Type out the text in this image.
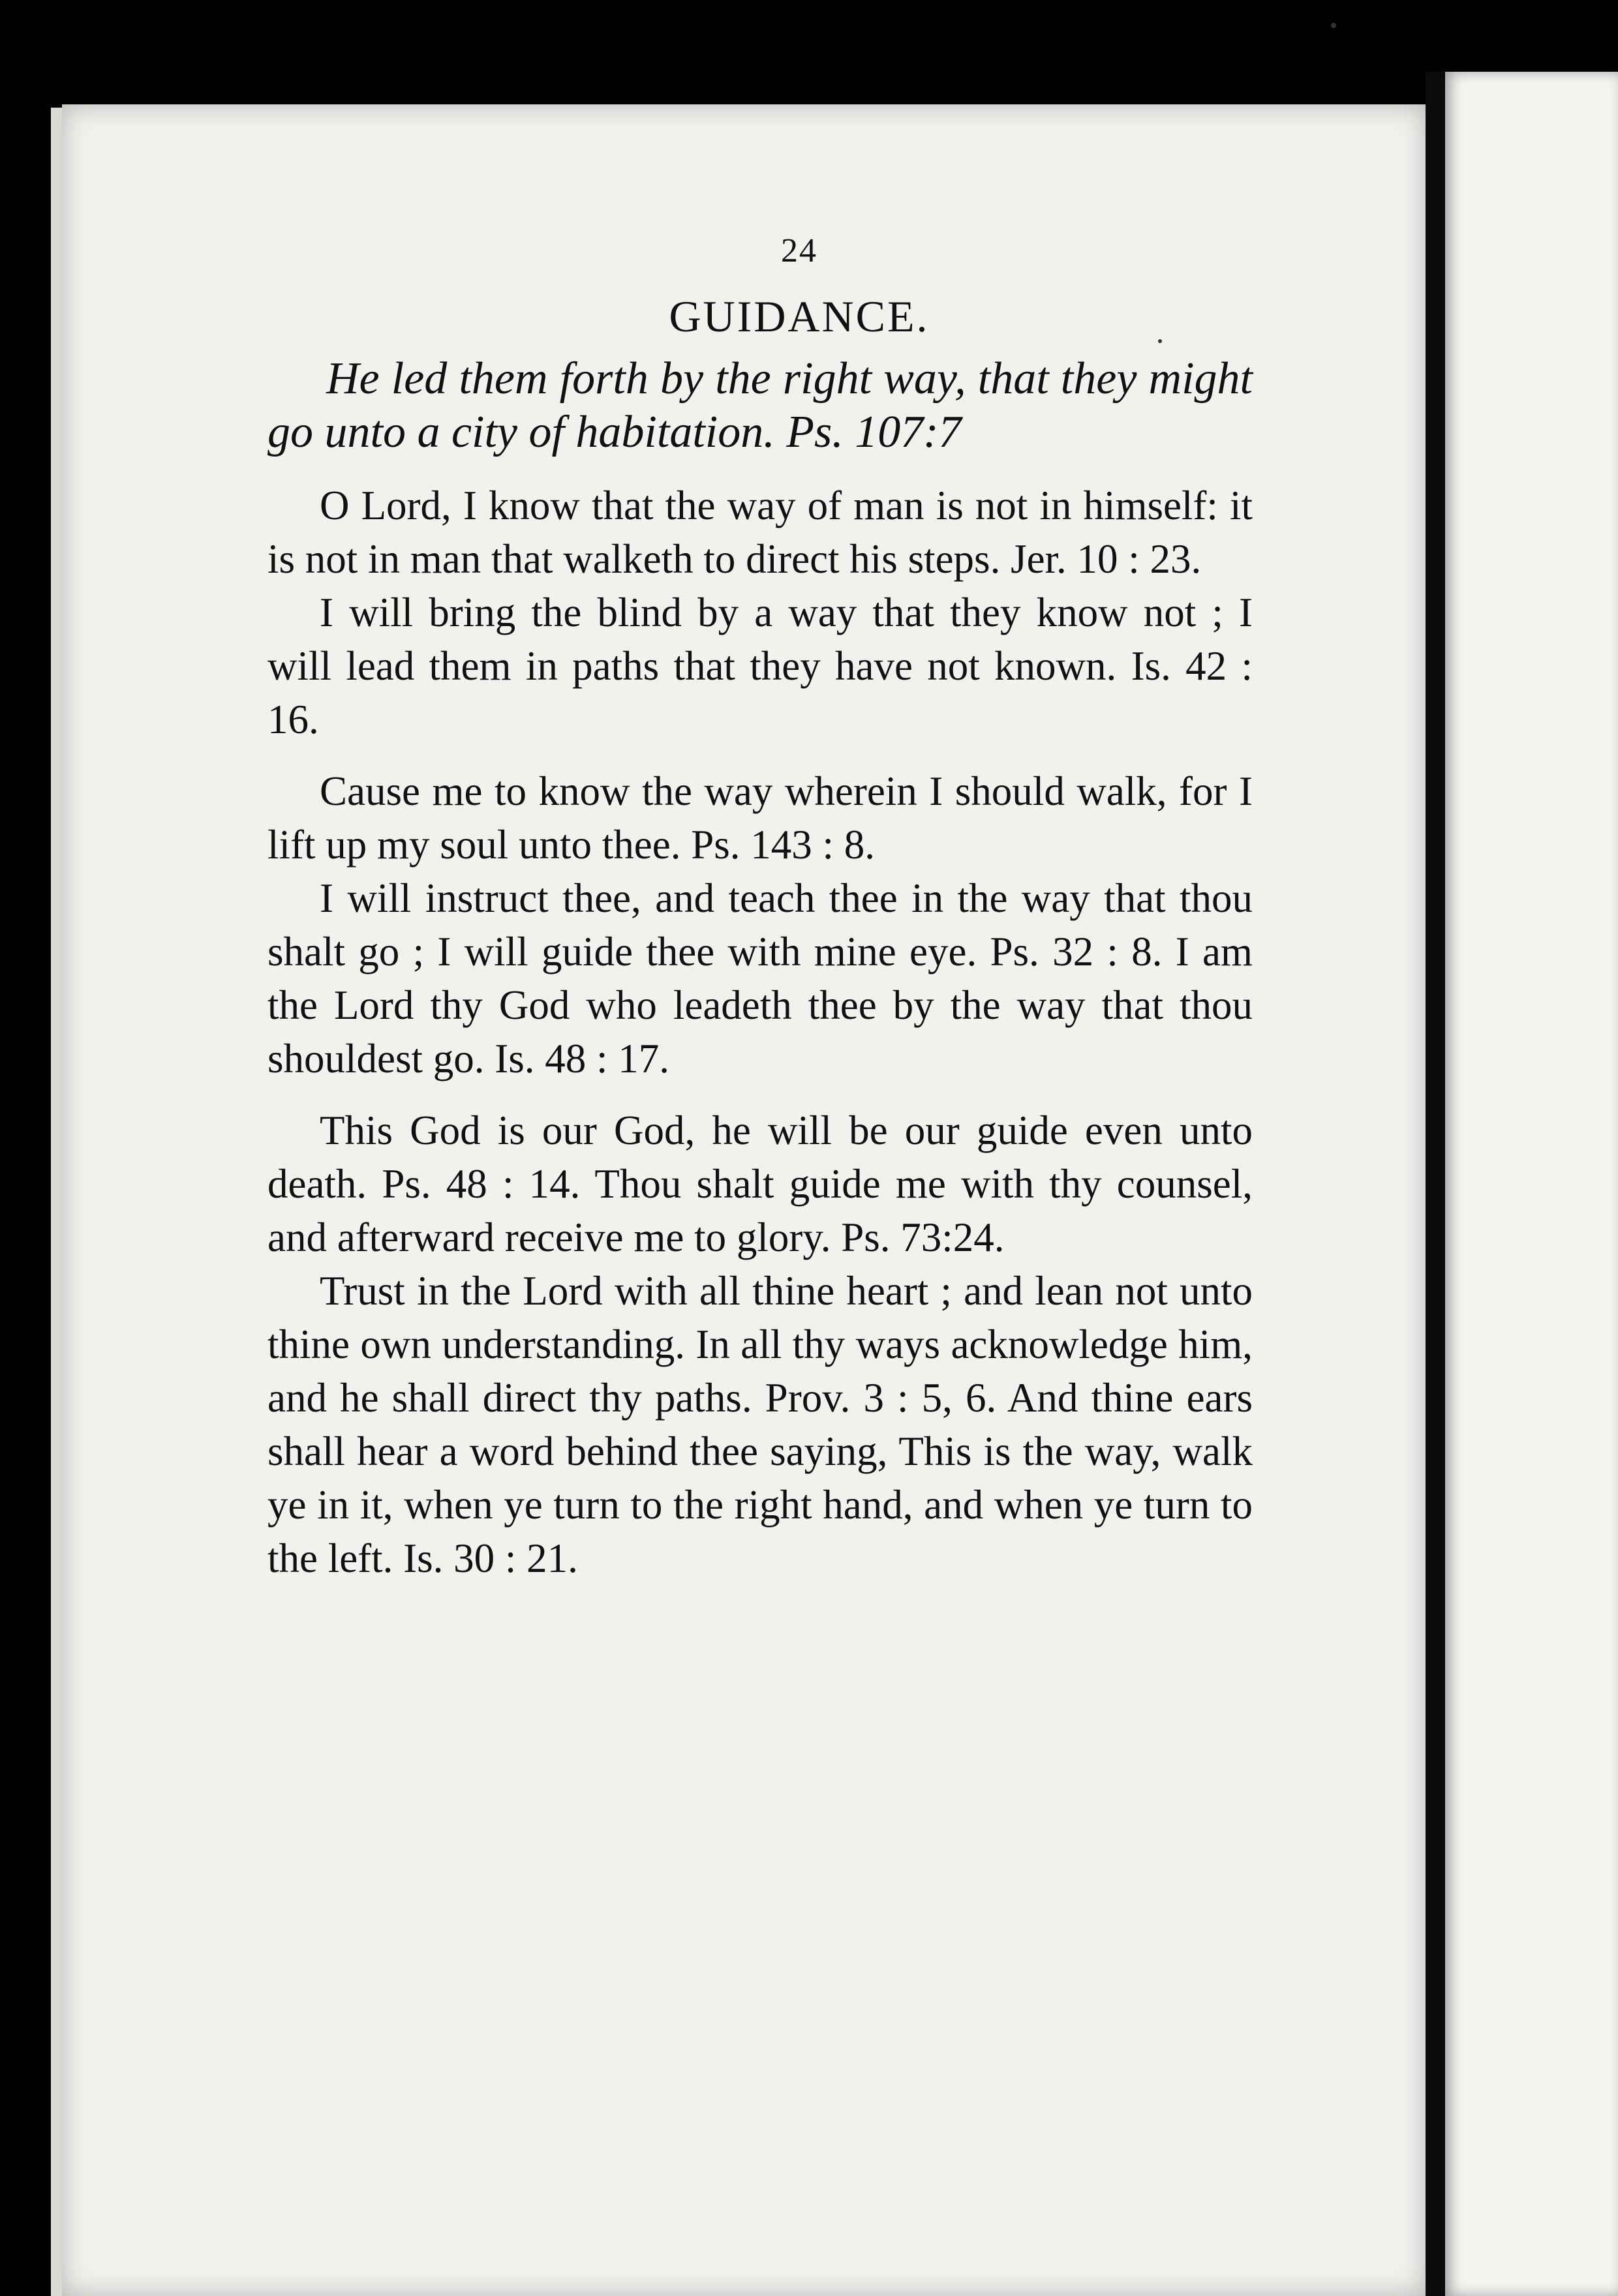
24
GUIDANCE.

He led them forth by the right way, that they might go unto a city of habitation. Ps. 107:7

O Lord, I know that the way of man is not in himself: it is not in man that walketh to direct his steps. Jer. 10 : 23.

I will bring the blind by a way that they know not ; I will lead them in paths that they have not known. Is. 42 : 16.

Cause me to know the way wherein I should walk, for I lift up my soul unto thee. Ps. 143 : 8.

I will instruct thee, and teach thee in the way that thou shalt go ; I will guide thee with mine eye. Ps. 32 : 8. I am the Lord thy God who leadeth thee by the way that thou shouldest go. Is. 48 : 17.

This God is our God, he will be our guide even unto death. Ps. 48 : 14. Thou shalt guide me with thy counsel, and afterward receive me to glory. Ps. 73:24.

Trust in the Lord with all thine heart ; and lean not unto thine own understanding. In all thy ways acknowledge him, and he shall direct thy paths. Prov. 3 : 5, 6. And thine ears shall hear a word behind thee saying, This is the way, walk ye in it, when ye turn to the right hand, and when ye turn to the left. Is. 30 : 21.
